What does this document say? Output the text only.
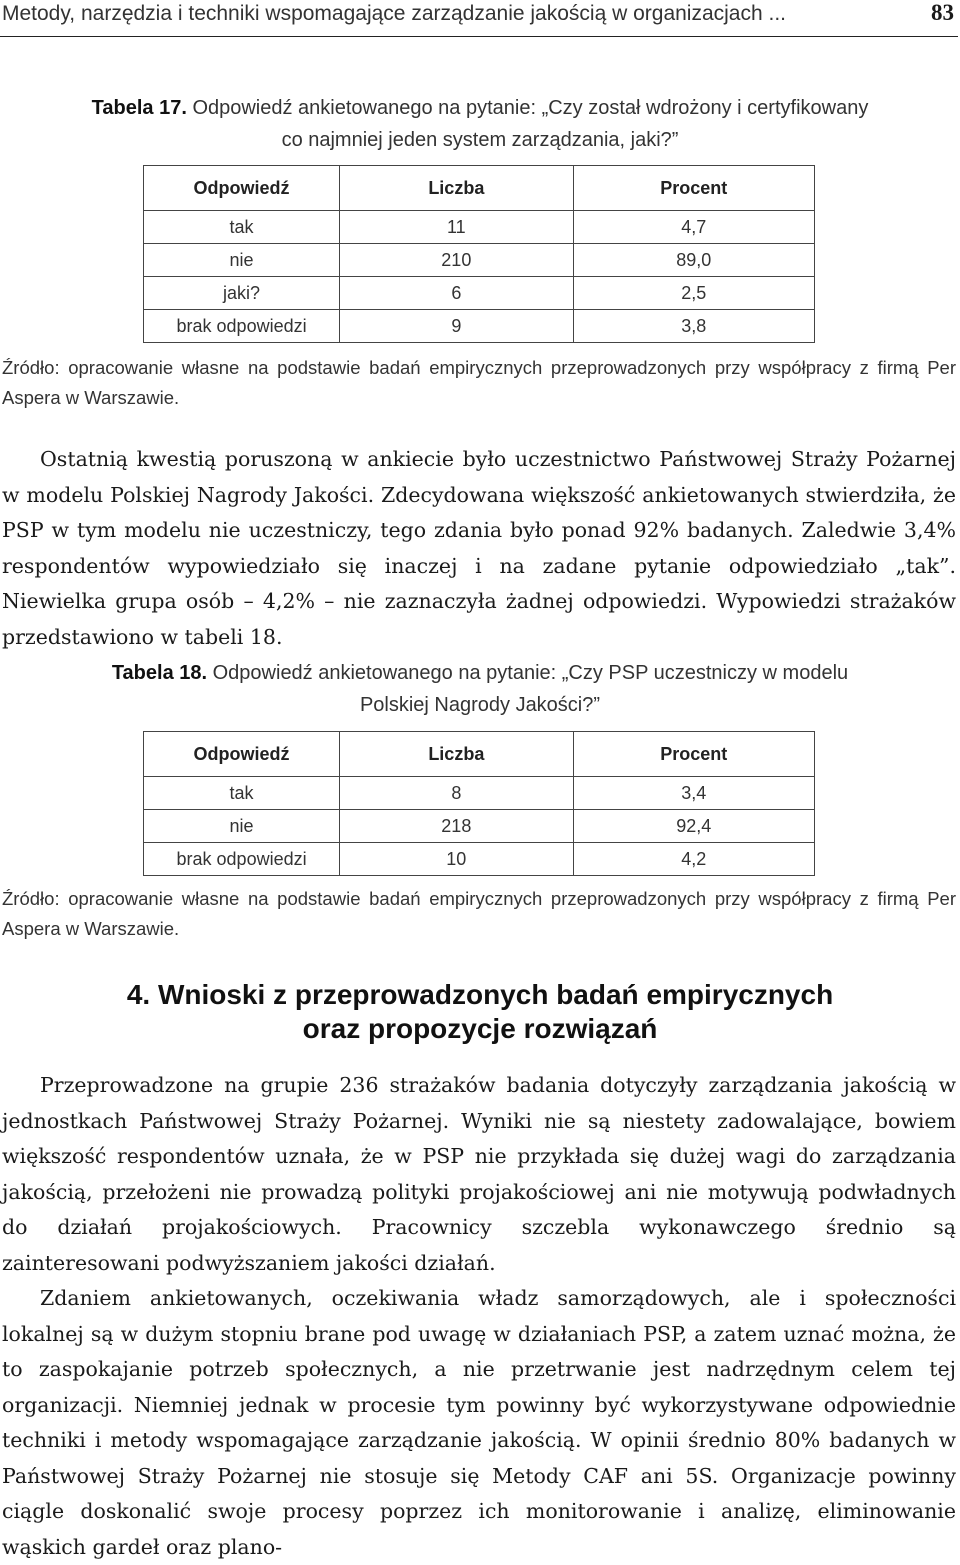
Metody, narzędzia i techniki wspomagające zarządzanie jakością w organizacjach ...	83
Tabela 17. Odpowiedź ankietowanego na pytanie: „Czy został wdrożony i certyfikowany
co najmniej jeden system zarządzania, jaki?”
Odpowiedź	Liczba	Procent
tak	11	4,7
nie	210	89,0
jaki?	6	2,5
brak odpowiedzi	9	3,8
Źródło: opracowanie własne na podstawie badań empirycznych przeprowadzonych przy współpracy z firmą Per Aspera w Warszawie.

Ostatnią kwestią poruszoną w ankiecie było uczestnictwo Państwowej Straży Pożarnej w modelu Polskiej Nagrody Jakości. Zdecydowana większość ankietowanych stwierdziła, że PSP w tym modelu nie uczestniczy, tego zdania było ponad 92% badanych. Zaledwie 3,4% respondentów wypowiedziało się inaczej i na zadane pytanie odpowiedziało „tak”. Niewielka grupa osób – 4,2% – nie zaznaczyła żadnej odpowiedzi. Wypowiedzi strażaków przedstawiono w tabeli 18.

Tabela 18. Odpowiedź ankietowanego na pytanie: „Czy PSP uczestniczy w modelu
Polskiej Nagrody Jakości?”
Odpowiedź	Liczba	Procent
tak	8	3,4
nie	218	92,4
brak odpowiedzi	10	4,2
Źródło: opracowanie własne na podstawie badań empirycznych przeprowadzonych przy współpracy z firmą Per Aspera w Warszawie.
4. Wnioski z przeprowadzonych badań empirycznych
oraz propozycje rozwiązań

Przeprowadzone na grupie 236 strażaków badania dotyczyły zarządzania jakością w jednostkach Państwowej Straży Pożarnej. Wyniki nie są niestety zadowalające, bowiem większość respondentów uznała, że w PSP nie przykłada się dużej wagi do zarządzania jakością, przełożeni nie prowadzą polityki projakościowej ani nie motywują podwładnych do działań projakościowych. Pracownicy szczebla wykonawczego średnio są zainteresowani podwyższaniem jakości działań.

Zdaniem ankietowanych, oczekiwania władz samorządowych, ale i społeczności lokalnej są w dużym stopniu brane pod uwagę w działaniach PSP, a zatem uznać można, że to zaspokajanie potrzeb społecznych, a nie przetrwanie jest nadrzędnym celem tej organizacji. Niemniej jednak w procesie tym powinny być wykorzystywane odpowiednie techniki i metody wspomagające zarządzanie jakością. W opinii średnio 80% badanych w Państwowej Straży Pożarnej nie stosuje się Metody CAF ani 5S. Organizacje powinny ciągle doskonalić swoje procesy poprzez ich monitorowanie i analizę, eliminowanie wąskich gardeł oraz plano-
